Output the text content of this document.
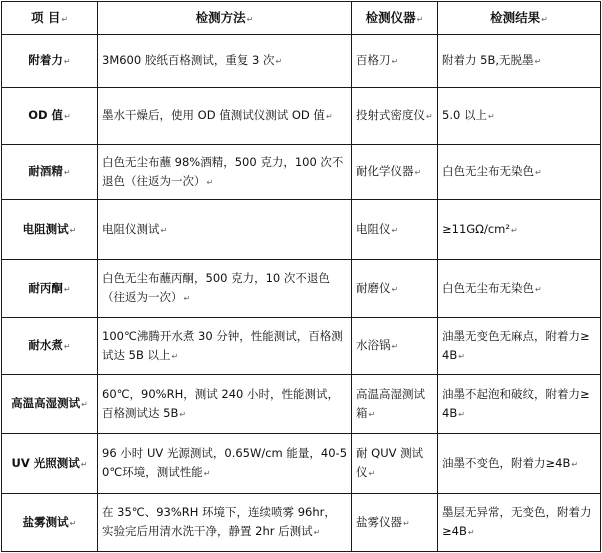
项 目↵	检测方法↵	检测仪器↵	检测结果↵
附着力↵	3M600 胶纸百格测试，重复 3 次↵	百格刀↵	附着力 5B,无脱墨↵
OD 值↵	墨水干燥后，使用 OD 值测试仪测试 OD 值↵	投射式密度仪↵	5.0 以上↵
耐酒精↵	白色无尘布蘸 98%酒精，500 克力，100 次不退色（往返为一次）↵	耐化学仪器↵	白色无尘布无染色↵
电阻测试↵	电阻仪测试↵	电阻仪↵	≥11GΩ/cm²↵
耐丙酮↵	白色无尘布蘸丙酮，500 克力，10 次不退色（往返为一次）↵	耐磨仪↵	白色无尘布无染色↵
耐水煮↵	100℃沸腾开水煮 30 分钟，性能测试，百格测试达 5B 以上↵	水浴锅↵	油墨无变色无麻点，附着力≥4B↵
高温高湿测试↵	60℃，90%RH，测试 240 小时，性能测试，百格测试达 5B↵	高温高湿测试箱↵	油墨不起泡和破纹，附着力≥4B↵
UV 光照测试↵	96 小时 UV 光源测试，0.65W/cm 能量，40-50℃环境，测试性能↵	耐 QUV 测试仪↵	油墨不变色，附着力≥4B↵
盐雾测试↵	在 35℃、93%RH 环境下，连续喷雾 96hr，实验完后用清水洗干净，静置 2hr 后测试↵	盐雾仪器↵	墨层无异常，无变色，附着力≥4B↵
